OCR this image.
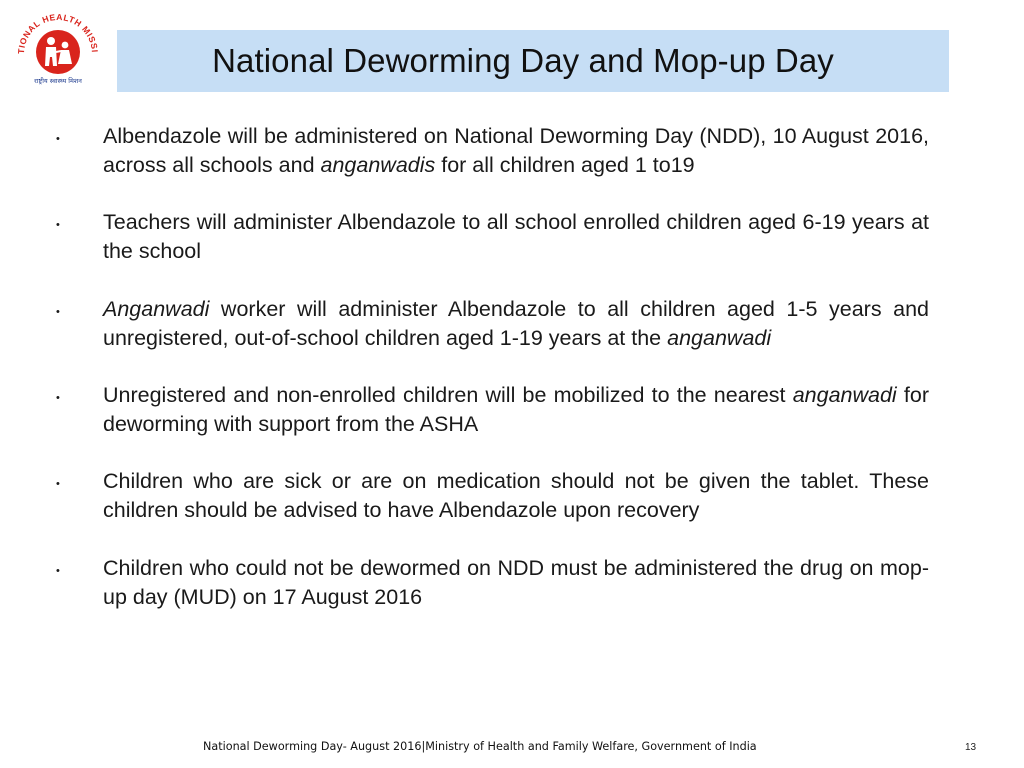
TIONAL HEALTH MISSI
राष्ट्रीय स्वास्थ्य मिशन
National Deworming Day and Mop-up Day
• Albendazole will be administered on National Deworming Day (NDD), 10 August 2016, across all schools and anganwadis for all children aged 1 to19
• Teachers will administer Albendazole to all school enrolled children aged 6-19 years at the school
• Anganwadi worker will administer Albendazole to all children aged 1-5 years and unregistered, out-of-school children aged 1-19 years at the anganwadi
• Unregistered and non-enrolled children will be mobilized to the nearest anganwadi for deworming with support from the ASHA
• Children who are sick or are on medication should not be given the tablet. These children should be advised to have Albendazole upon recovery
• Children who could not be dewormed on NDD must be administered the drug on mop-up day (MUD) on 17 August 2016
National Deworming Day- August 2016|Ministry of Health and Family Welfare, Government of India	13
